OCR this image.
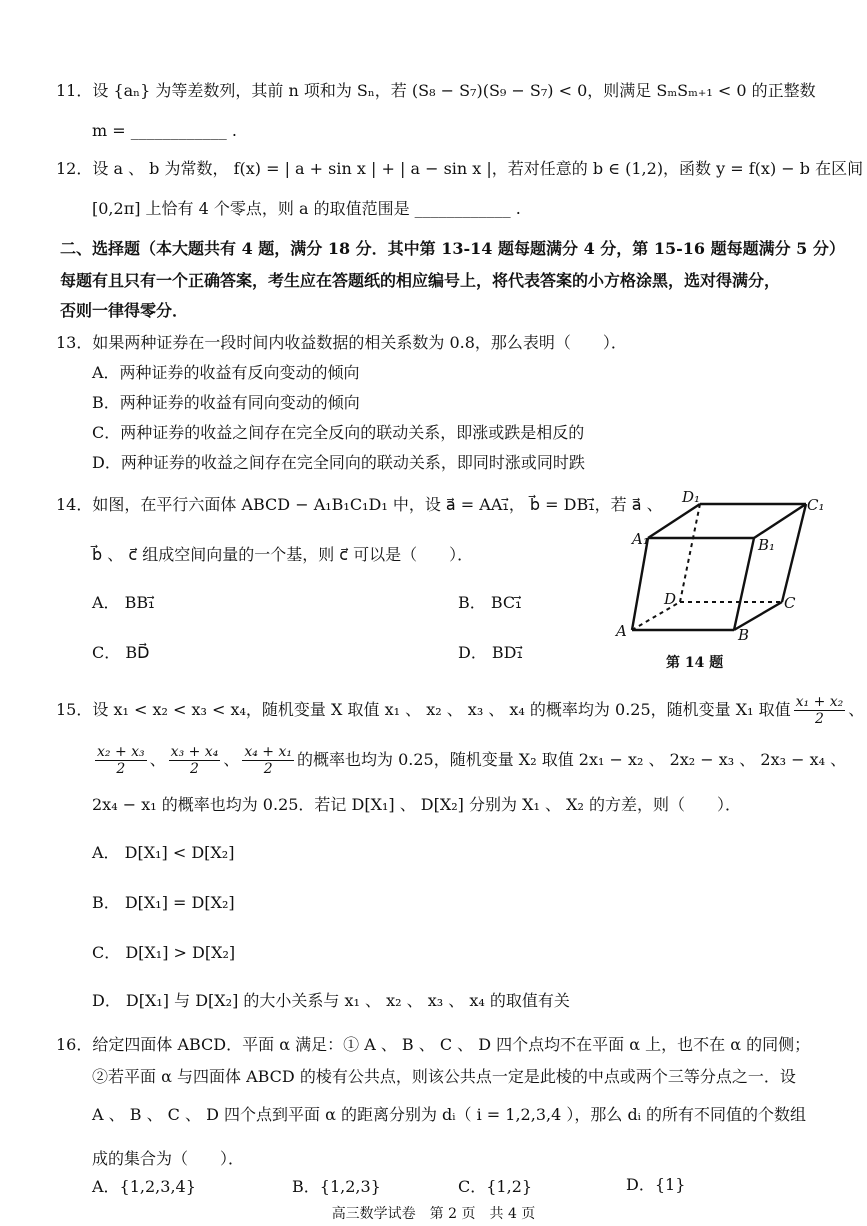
11．设 {aₙ} 为等差数列，其前 n 项和为 Sₙ，若 (S₈ − S₇)(S₉ − S₇) < 0，则满足 SₘSₘ₊₁ < 0 的正整数
m = ____________ .
12．设 a 、 b 为常数， f(x) = | a + sin x | + | a − sin x |，若对任意的 b ∈ (1,2)，函数 y = f(x) − b 在区间
[0,2π] 上恰有 4 个零点，则 a 的取值范围是 ____________ .
二、选择题（本大题共有 4 题，满分 18 分．其中第 13-14 题每题满分 4 分，第 15-16 题每题满分 5 分）
每题有且只有一个正确答案，考生应在答题纸的相应编号上，将代表答案的小方格涂黑，选对得满分，
否则一律得零分．
13．如果两种证券在一段时间内收益数据的相关系数为 0.8，那么表明（　　）．
A．两种证券的收益有反向变动的倾向
B．两种证券的收益有同向变动的倾向
C．两种证券的收益之间存在完全反向的联动关系，即涨或跌是相反的
D．两种证券的收益之间存在完全同向的联动关系，即同时涨或同时跌
14．如图，在平行六面体 ABCD − A₁B₁C₁D₁ 中，设 a⃗ = AA₁⃗， b⃗ = DB₁⃗，若 a⃗ 、
b⃗ 、 c⃗ 组成空间向量的一个基，则 c⃗ 可以是（　　）．
A． BB₁⃗	B． BC₁⃗
C． BD⃗	D． BD₁⃗
D₁	C₁
A₁	B₁
D	C
A	B
第 14 题
15．设 x₁ < x₂ < x₃ < x₄，随机变量 X 取值 x₁ 、 x₂ 、 x₃ 、 x₄ 的概率均为 0.25，随机变量 X₁ 取值 $\frac{\text{x₁ + x₂}}{2}$ 、
$\frac{\text{x₂ + x₃}}{2}$ 、 $\frac{\text{x₃ + x₄}}{2}$ 、 $\frac{\text{x₄ + x₁}}{2}$ 的概率也均为 0.25，随机变量 X₂ 取值 2x₁ − x₂ 、 2x₂ − x₃ 、 2x₃ − x₄ 、
2x₄ − x₁ 的概率也均为 0.25．若记 D[X₁] 、 D[X₂] 分别为 X₁ 、 X₂ 的方差，则（　　）．
A． D[X₁] < D[X₂]
B． D[X₁] = D[X₂]
C． D[X₁] > D[X₂]
D． D[X₁] 与 D[X₂] 的大小关系与 x₁ 、 x₂ 、 x₃ 、 x₄ 的取值有关
16．给定四面体 ABCD．平面 α 满足：① A 、 B 、 C 、 D 四个点均不在平面 α 上，也不在 α 的同侧；
②若平面 α 与四面体 ABCD 的棱有公共点，则该公共点一定是此棱的中点或两个三等分点之一．设
A 、 B 、 C 、 D 四个点到平面 α 的距离分别为 dᵢ（ i = 1,2,3,4 ），那么 dᵢ 的所有不同值的个数组
成的集合为（　　）．
A．{1,2,3,4}	B．{1,2,3}	C．{1,2}	D．{1}
高三数学试卷　第 2 页　共 4 页
